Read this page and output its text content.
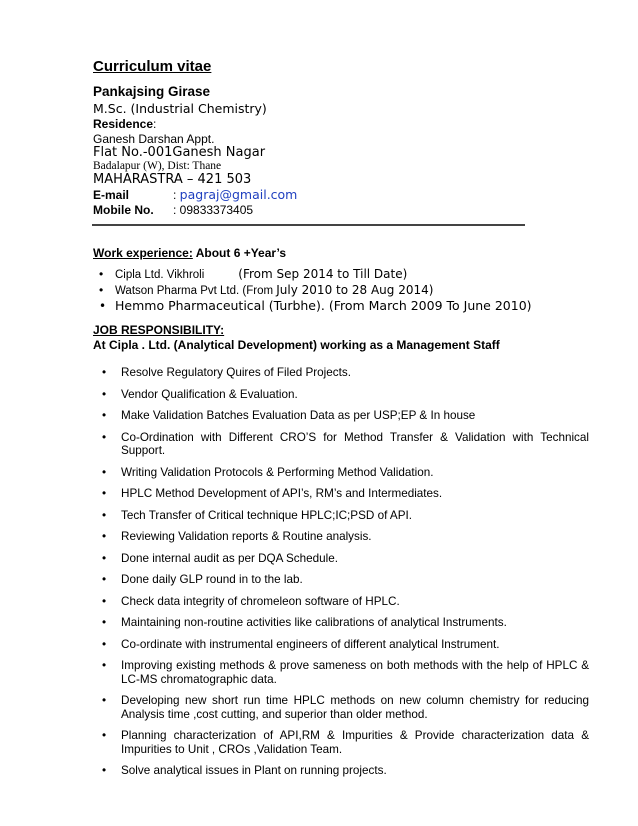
Curriculum vitae
Pankajsing Girase
M.Sc. (Industrial Chemistry)
Residence:
Ganesh Darshan Appt.
Flat No.-001Ganesh Nagar
Badalapur (W), Dist: Thane
MAHARASTRA – 421 503
E-mail	: pagraj@gmail.com
Mobile No. : 09833373405
Work experience: About 6 +Year’s
• Cipla Ltd. Vikhroli	(From Sep 2014 to Till Date)
• Watson Pharma Pvt Ltd. (From July 2010 to 28 Aug 2014)
• Hemmo Pharmaceutical (Turbhe). (From March 2009 To June 2010)
JOB RESPONSIBILITY:
At Cipla . Ltd. (Analytical Development) working as a Management Staff
• Resolve Regulatory Quires of Filed Projects.
• Vendor Qualification & Evaluation.
• Make Validation Batches Evaluation Data as per USP;EP & In house
• Co-Ordination with Different CRO’S for Method Transfer & Validation with Technical Support.
• Writing Validation Protocols & Performing Method Validation.
• HPLC Method Development of API’s, RM’s and Intermediates.
• Tech Transfer of Critical technique HPLC;IC;PSD of API.
• Reviewing Validation reports & Routine analysis.
• Done internal audit as per DQA Schedule.
• Done daily GLP round in to the lab.
• Check data integrity of chromeleon software of HPLC.
• Maintaining non-routine activities like calibrations of analytical Instruments.
• Co-ordinate with instrumental engineers of different analytical Instrument.
• Improving existing methods & prove sameness on both methods with the help of HPLC & LC-MS chromatographic data.
• Developing new short run time HPLC methods on new column chemistry for reducing Analysis time ,cost cutting, and superior than older method.
• Planning characterization of API,RM & Impurities & Provide characterization data & Impurities to Unit , CROs ,Validation Team.
• Solve analytical issues in Plant on running projects.
